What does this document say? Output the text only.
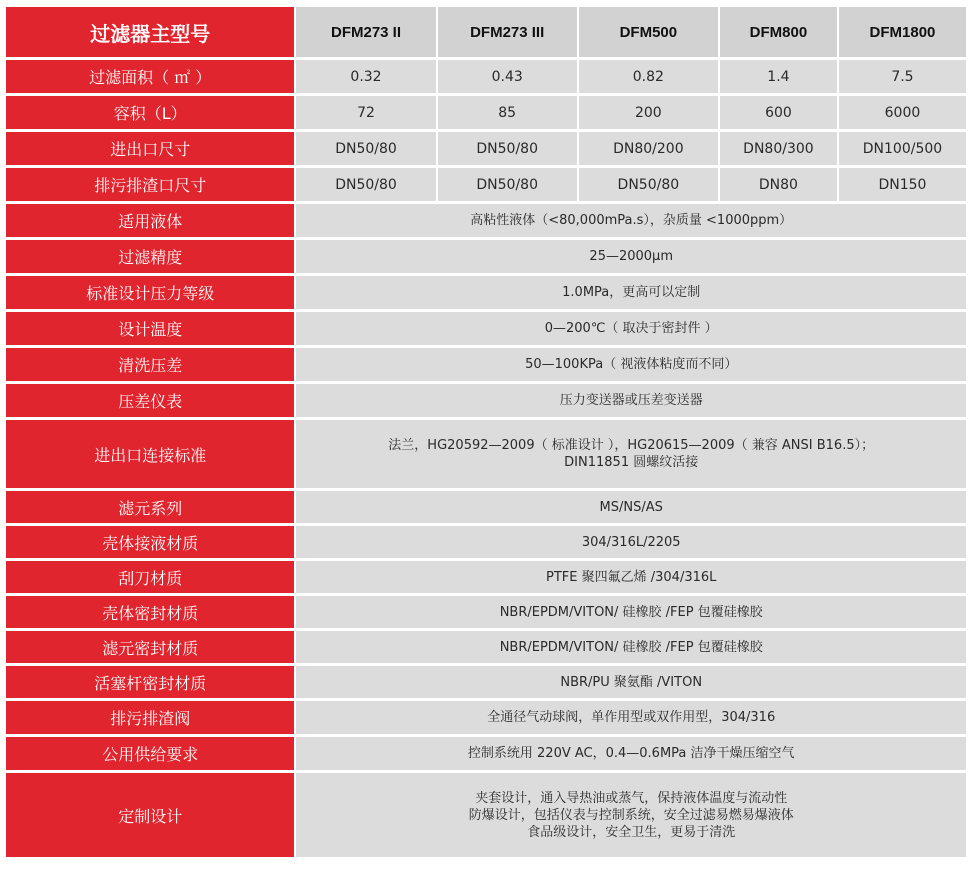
过滤器主型号	DFM273 II	DFM273 III	DFM500	DFM800	DFM1800
过滤面积（ ㎡ ）	0.32	0.43	0.82	1.4	7.5
容积（L）	72	85	200	600	6000
进出口尺寸	DN50/80	DN50/80	DN80/200	DN80/300	DN100/500
排污排渣口尺寸	DN50/80	DN50/80	DN50/80	DN80	DN150
适用液体	高粘性液体（<80,000mPa.s），杂质量 <1000ppm）				

过滤精度	25—2000μm				

标准设计压力等级	1.0MPa，更高可以定制				

设计温度	0—200℃（ 取决于密封件 ）				

清洗压差	50—100KPa（ 视液体粘度而不同）				

压差仪表	压力变送器或压差变送器				

进出口连接标准	法兰，HG20592—2009（ 标准设计 ），HG20615—2009（ 兼容 ANSI B16.5）；
DIN11851 圆螺纹活接				

滤元系列	MS/NS/AS				

壳体接液材质	304/316L/2205				

刮刀材质	PTFE 聚四氟乙烯 /304/316L				

壳体密封材质	NBR/EPDM/VITON/ 硅橡胶 /FEP 包覆硅橡胶				

滤元密封材质	NBR/EPDM/VITON/ 硅橡胶 /FEP 包覆硅橡胶				

活塞杆密封材质	NBR/PU 聚氨酯 /VITON				

排污排渣阀	全通径气动球阀，单作用型或双作用型，304/316				

公用供给要求	控制系统用 220V AC，0.4—0.6MPa 洁净干燥压缩空气				

定制设计	夹套设计，通入导热油或蒸气，保持液体温度与流动性
防爆设计，包括仪表与控制系统，安全过滤易燃易爆液体
食品级设计，安全卫生，更易于清洗				
